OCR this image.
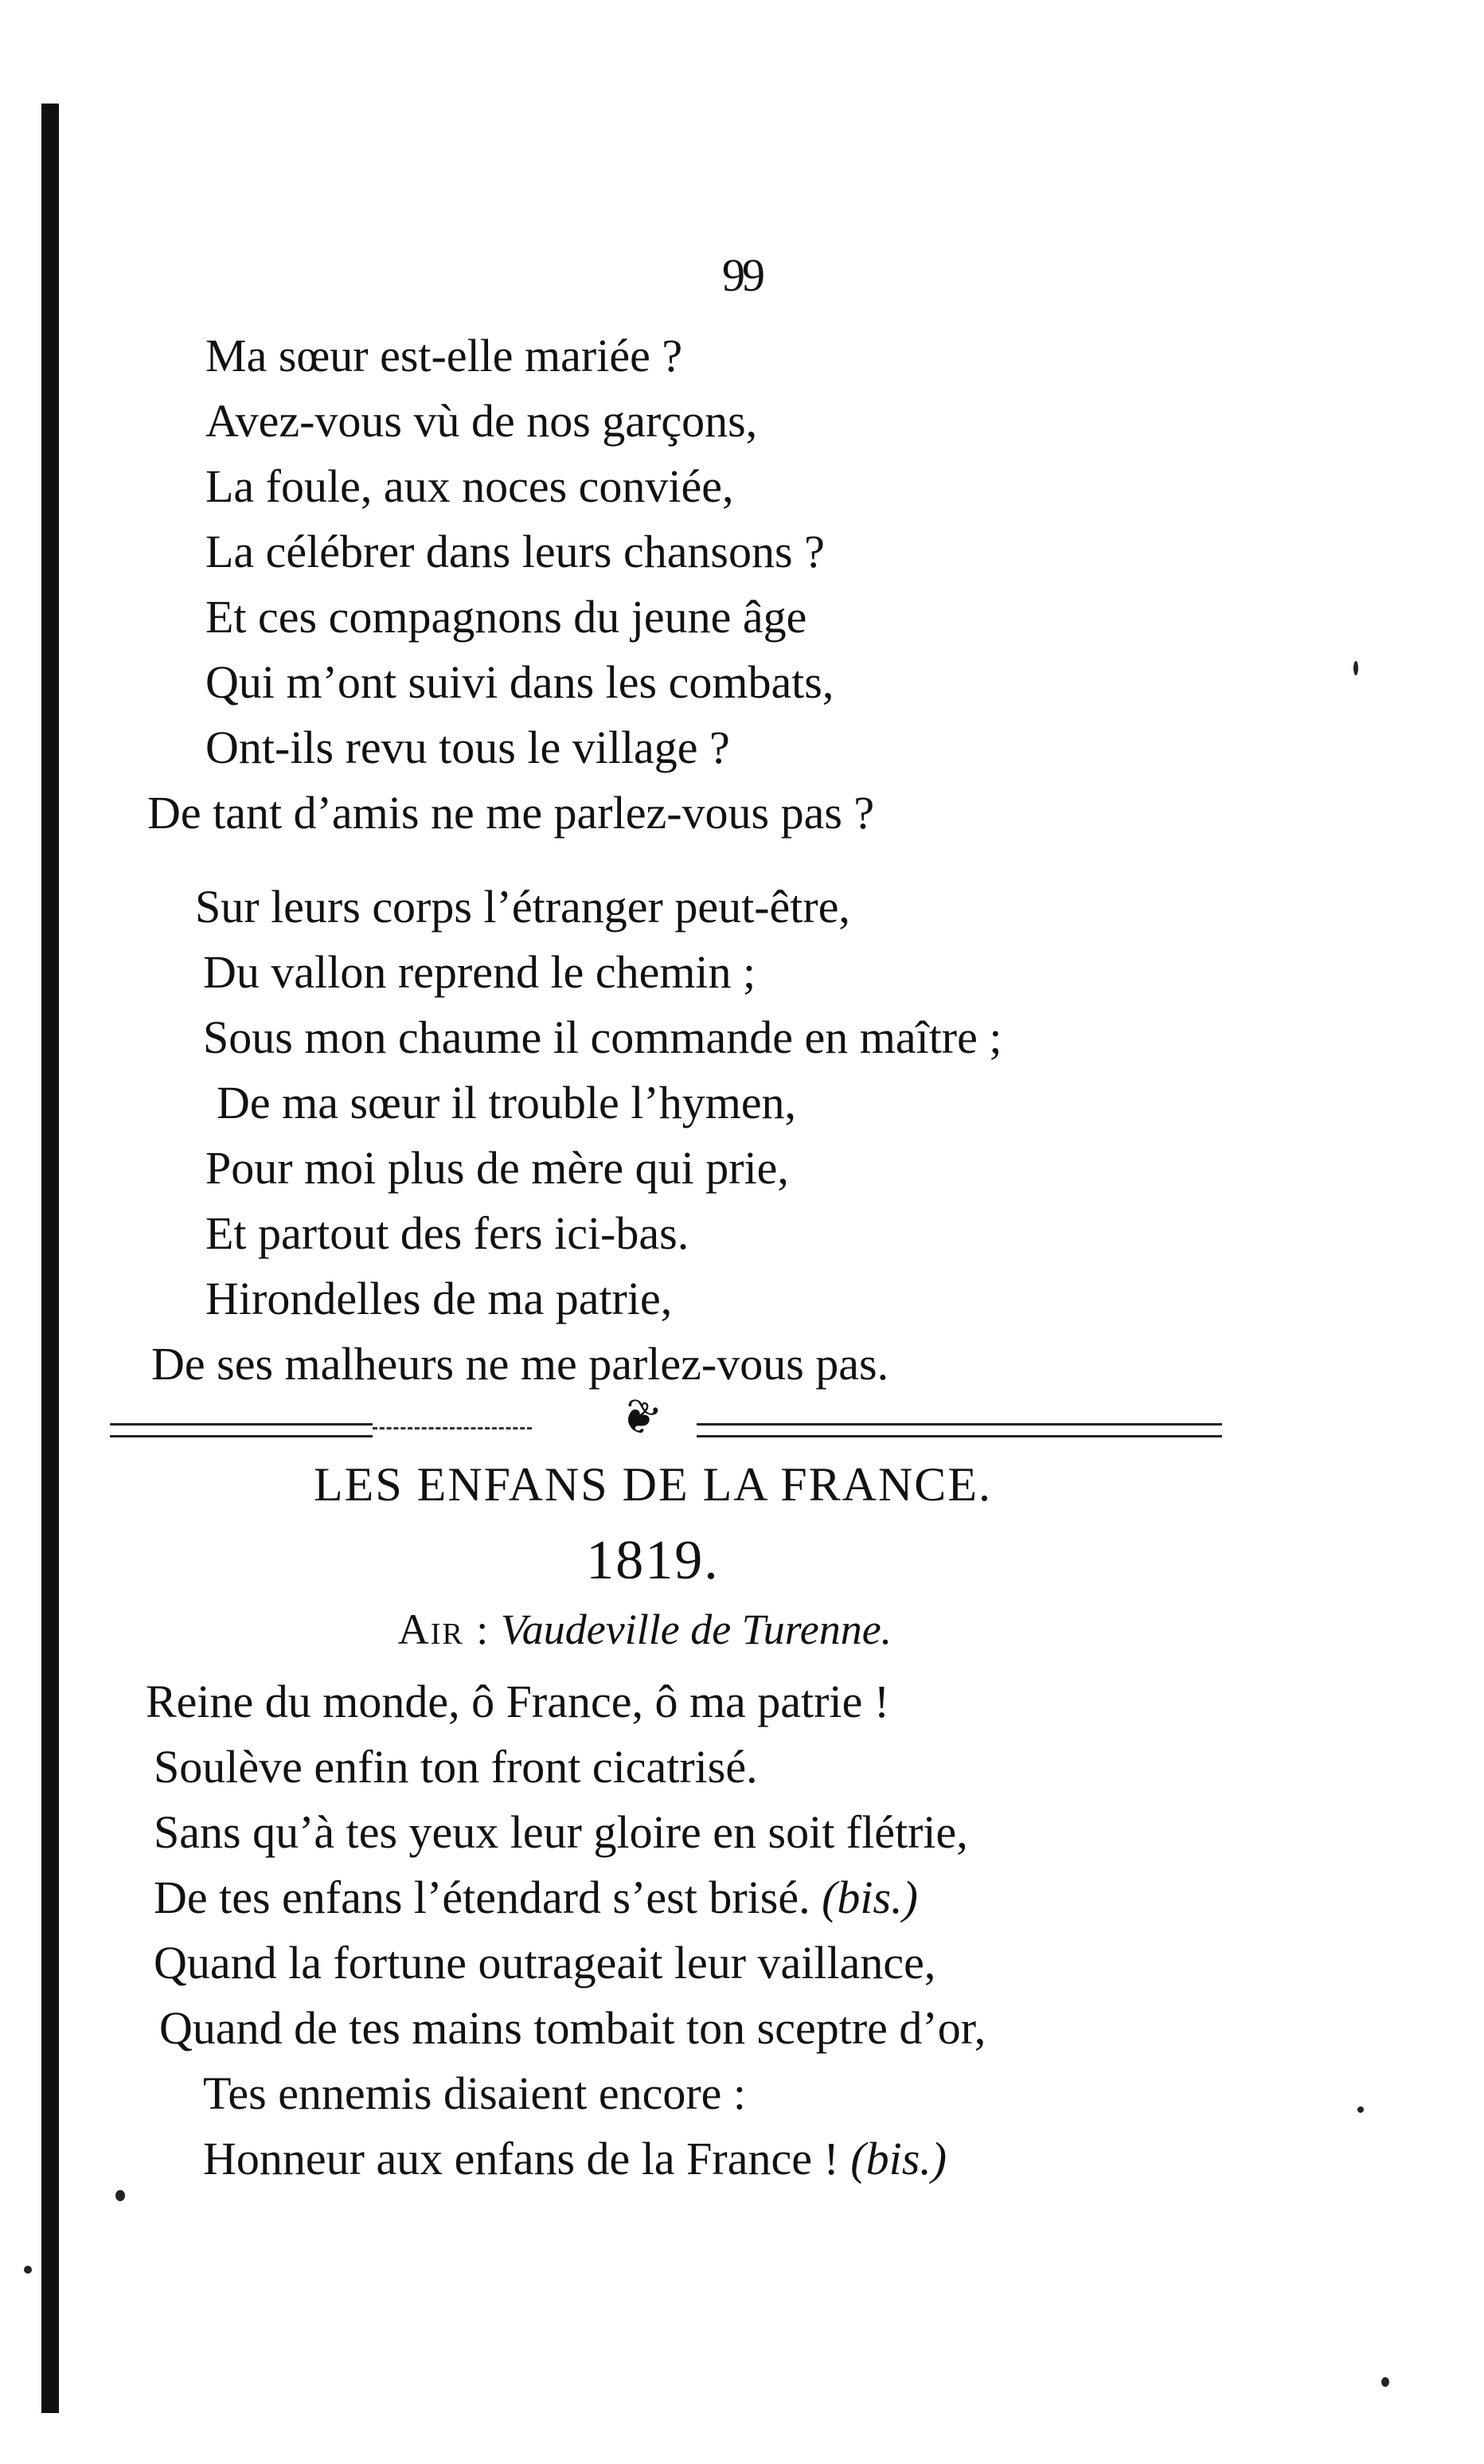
99
Ma sœur est-elle mariée ?
Avez-vous vù de nos garçons,
La foule, aux noces conviée,
La célébrer dans leurs chansons ?
Et ces compagnons du jeune âge
Qui m’ont suivi dans les combats,
Ont-ils revu tous le village ?
De tant d’amis ne me parlez-vous pas ?
Sur leurs corps l’étranger peut-être,
Du vallon reprend le chemin ;
Sous mon chaume il commande en maître ;
De ma sœur il trouble l’hymen,
Pour moi plus de mère qui prie,
Et partout des fers ici-bas.
Hirondelles de ma patrie,
De ses malheurs ne me parlez-vous pas.
❦
LES ENFANS DE LA FRANCE.
1819.
Air : Vaudeville de Turenne.
Reine du monde, ô France, ô ma patrie !
Soulève enfin ton front cicatrisé.
Sans qu’à tes yeux leur gloire en soit flétrie,
De tes enfans l’étendard s’est brisé. (bis.)
Quand la fortune outrageait leur vaillance,
Quand de tes mains tombait ton sceptre d’or,
Tes ennemis disaient encore :
Honneur aux enfans de la France ! (bis.)
